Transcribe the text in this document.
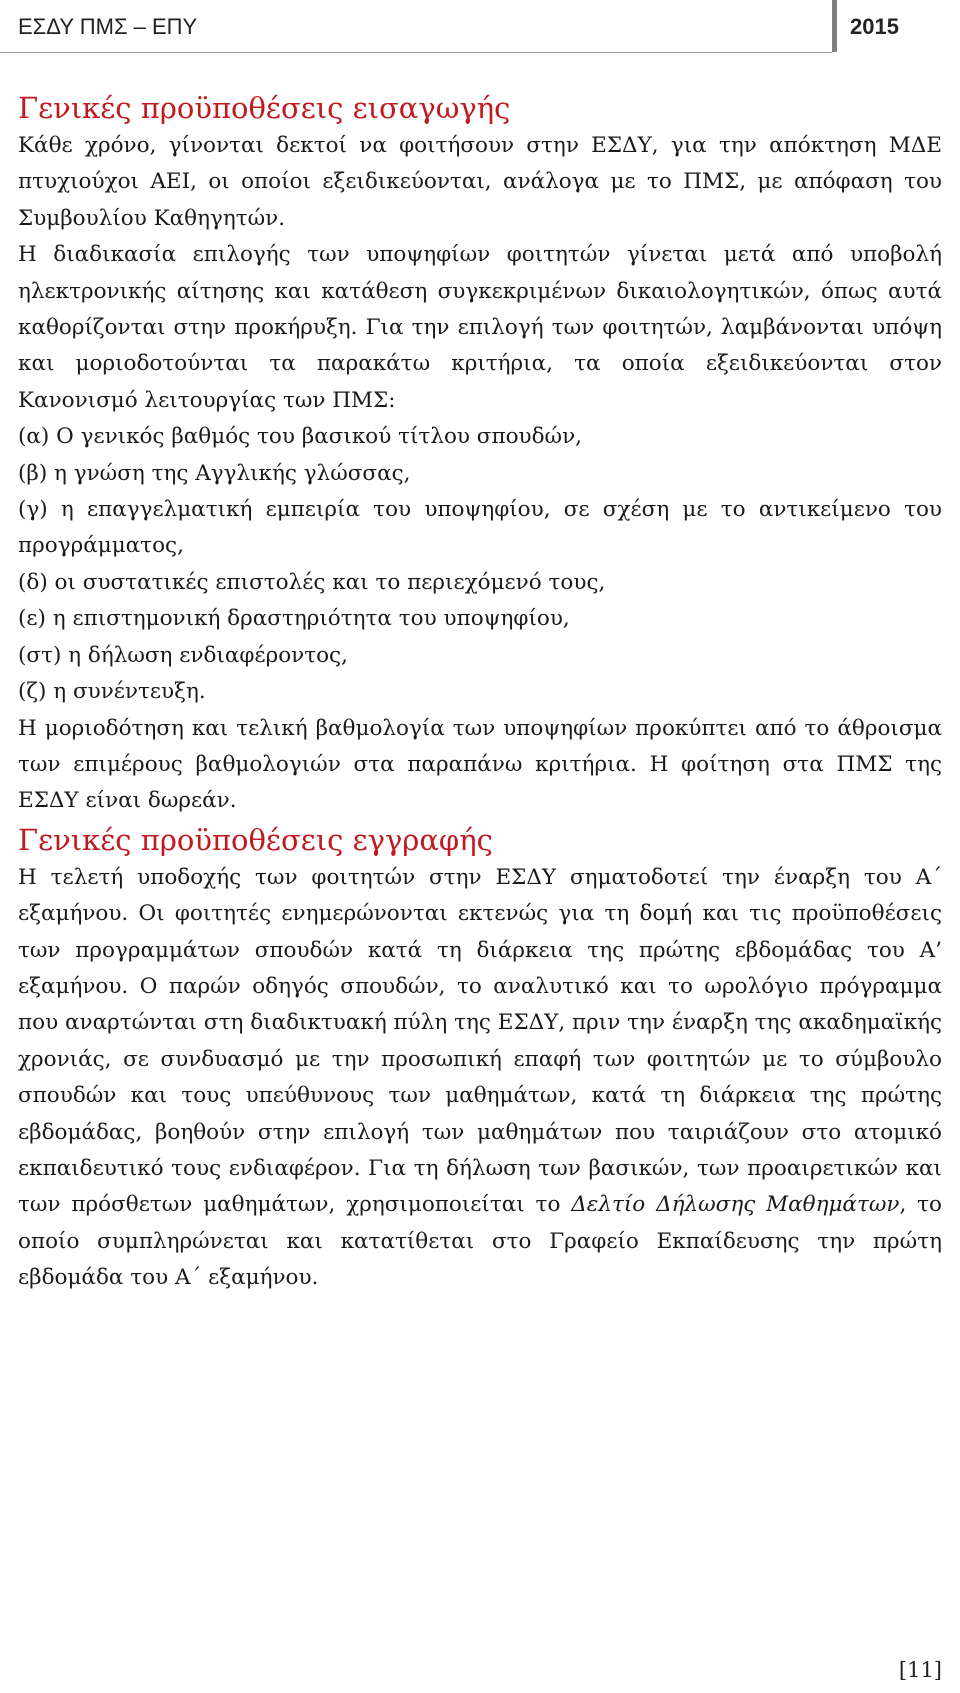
ΕΣΔΥ ΠΜΣ – ΕΠΥ	2015
Γενικές προϋποθέσεις εισαγωγής

Κάθε χρόνο, γίνονται δεκτοί να φοιτήσουν στην ΕΣΔΥ, για την απόκτηση ΜΔΕ πτυχιούχοι ΑΕΙ, οι οποίοι εξειδικεύονται, ανάλογα με το ΠΜΣ, με απόφαση του Συμβουλίου Καθηγητών.

Η διαδικασία επιλογής των υποψηφίων φοιτητών γίνεται μετά από υποβολή ηλεκτρονικής αίτησης και κατάθεση συγκεκριμένων δικαιολογητικών, όπως αυτά καθορίζονται στην προκήρυξη. Για την επιλογή των φοιτητών, λαμβάνονται υπόψη και μοριοδοτούνται τα παρακάτω κριτήρια, τα οποία εξειδικεύονται στον Κανονισμό λειτουργίας των ΠΜΣ:

(α) Ο γενικός βαθμός του βασικού τίτλου σπουδών,

(β) η γνώση της Αγγλικής γλώσσας,

(γ) η επαγγελματική εμπειρία του υποψηφίου, σε σχέση με το αντικείμενο του προγράμματος,

(δ) οι συστατικές επιστολές και το περιεχόμενό τους,

(ε) η επιστημονική δραστηριότητα του υποψηφίου,

(στ) η δήλωση ενδιαφέροντος,

(ζ) η συνέντευξη.

Η μοριοδότηση και τελική βαθμολογία των υποψηφίων προκύπτει από το άθροισμα των επιμέρους βαθμολογιών στα παραπάνω κριτήρια. Η φοίτηση στα ΠΜΣ της ΕΣΔΥ είναι δωρεάν.

Γενικές προϋποθέσεις εγγραφής

Η τελετή υποδοχής των φοιτητών στην ΕΣΔΥ σηματοδοτεί την έναρξη του Α΄ εξαμήνου. Οι φοιτητές ενημερώνονται εκτενώς για τη δομή και τις προϋποθέσεις των προγραμμάτων σπουδών κατά τη διάρκεια της πρώτης εβδομάδας του Α’ εξαμήνου. Ο παρών οδηγός σπουδών, το αναλυτικό και το ωρολόγιο πρόγραμμα που αναρτώνται στη διαδικτυακή πύλη της ΕΣΔΥ, πριν την έναρξη της ακαδημαϊκής χρονιάς, σε συνδυασμό με την προσωπική επαφή των φοιτητών με το σύμβουλο σπουδών και τους υπεύθυνους των μαθημάτων, κατά τη διάρκεια της πρώτης εβδομάδας, βοηθούν στην επιλογή των μαθημάτων που ταιριάζουν στο ατομικό εκπαιδευτικό τους ενδιαφέρον. Για τη δήλωση των βασικών, των προαιρετικών και των πρόσθετων μαθημάτων, χρησιμοποιείται το Δελτίο Δήλωσης Μαθημάτων, το οποίο συμπληρώνεται και κατατίθεται στο Γραφείο Εκπαίδευσης την πρώτη εβδομάδα του Α΄ εξαμήνου.

[11]
